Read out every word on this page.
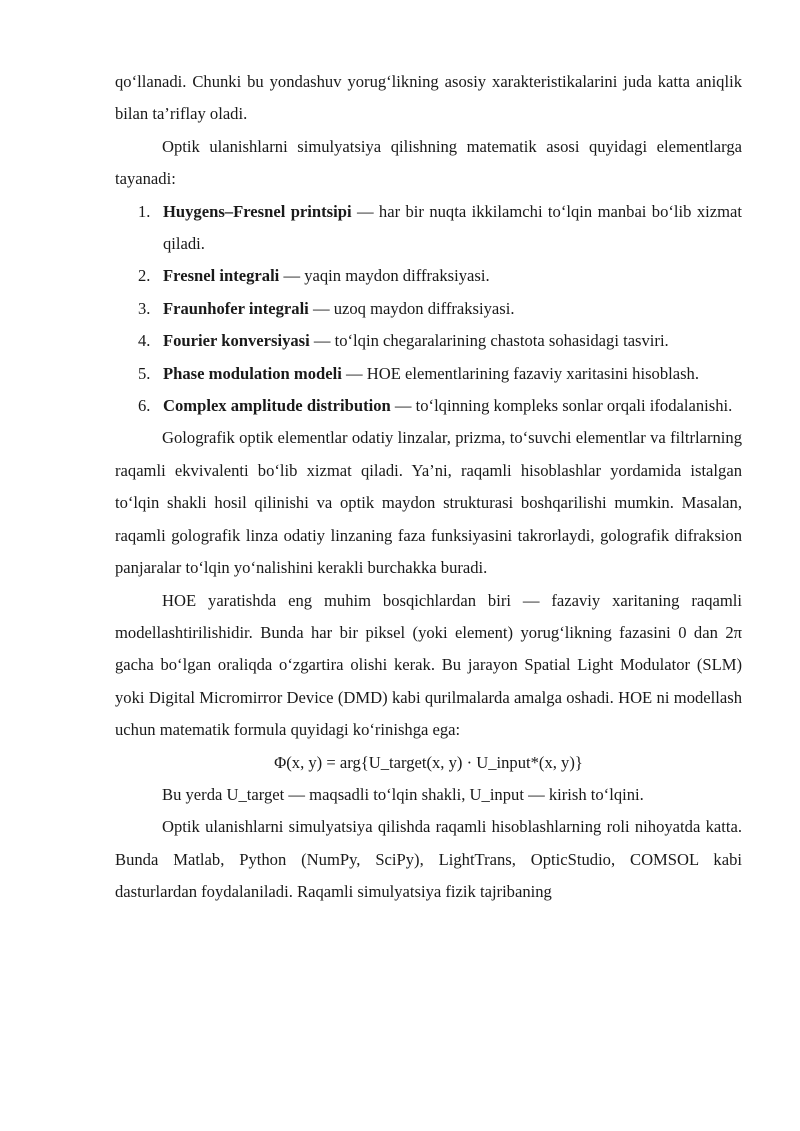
qo‘llanadi. Chunki bu yondashuv yorug‘likning asosiy xarakteristikalarini juda katta aniqlik bilan ta’riflay oladi.

Optik ulanishlarni simulyatsiya qilishning matematik asosi quyidagi elementlarga tayanadi:

1. Huygens–Fresnel printsipi — har bir nuqta ikkilamchi to‘lqin manbai bo‘lib xizmat qiladi.
2. Fresnel integrali — yaqin maydon diffraksiyasi.
3. Fraunhofer integrali — uzoq maydon diffraksiyasi.
4. Fourier konversiyasi — to‘lqin chegaralarining chastota sohasidagi tasviri.
5. Phase modulation modeli — HOE elementlarining fazaviy xaritasini hisoblash.
6. Complex amplitude distribution — to‘lqinning kompleks sonlar orqali ifodalanishi.

Golografik optik elementlar odatiy linzalar, prizma, to‘suvchi elementlar va filtrlarning raqamli ekvivalenti bo‘lib xizmat qiladi. Ya’ni, raqamli hisoblashlar yordamida istalgan to‘lqin shakli hosil qilinishi va optik maydon strukturasi boshqarilishi mumkin. Masalan, raqamli golografik linza odatiy linzaning faza funksiyasini takrorlaydi, golografik difraksion panjaralar to‘lqin yo‘nalishini kerakli burchakka buradi.

HOE yaratishda eng muhim bosqichlardan biri — fazaviy xaritaning raqamli modellashtirilishidir. Bunda har bir piksel (yoki element) yorug‘likning fazasini 0 dan 2π gacha bo‘lgan oraliqda o‘zgartira olishi kerak. Bu jarayon Spatial Light Modulator (SLM) yoki Digital Micromirror Device (DMD) kabi qurilmalarda amalga oshadi. HOE ni modellash uchun matematik formula quyidagi ko‘rinishga ega:

Φ(x, y) = arg{U_target(x, y) · U_input*(x, y)}

Bu yerda U_target — maqsadli to‘lqin shakli, U_input — kirish to‘lqini.

Optik ulanishlarni simulyatsiya qilishda raqamli hisoblashlarning roli nihoyatda katta. Bunda Matlab, Python (NumPy, SciPy), LightTrans, OpticStudio, COMSOL kabi dasturlardan foydalaniladi. Raqamli simulyatsiya fizik tajribaning
